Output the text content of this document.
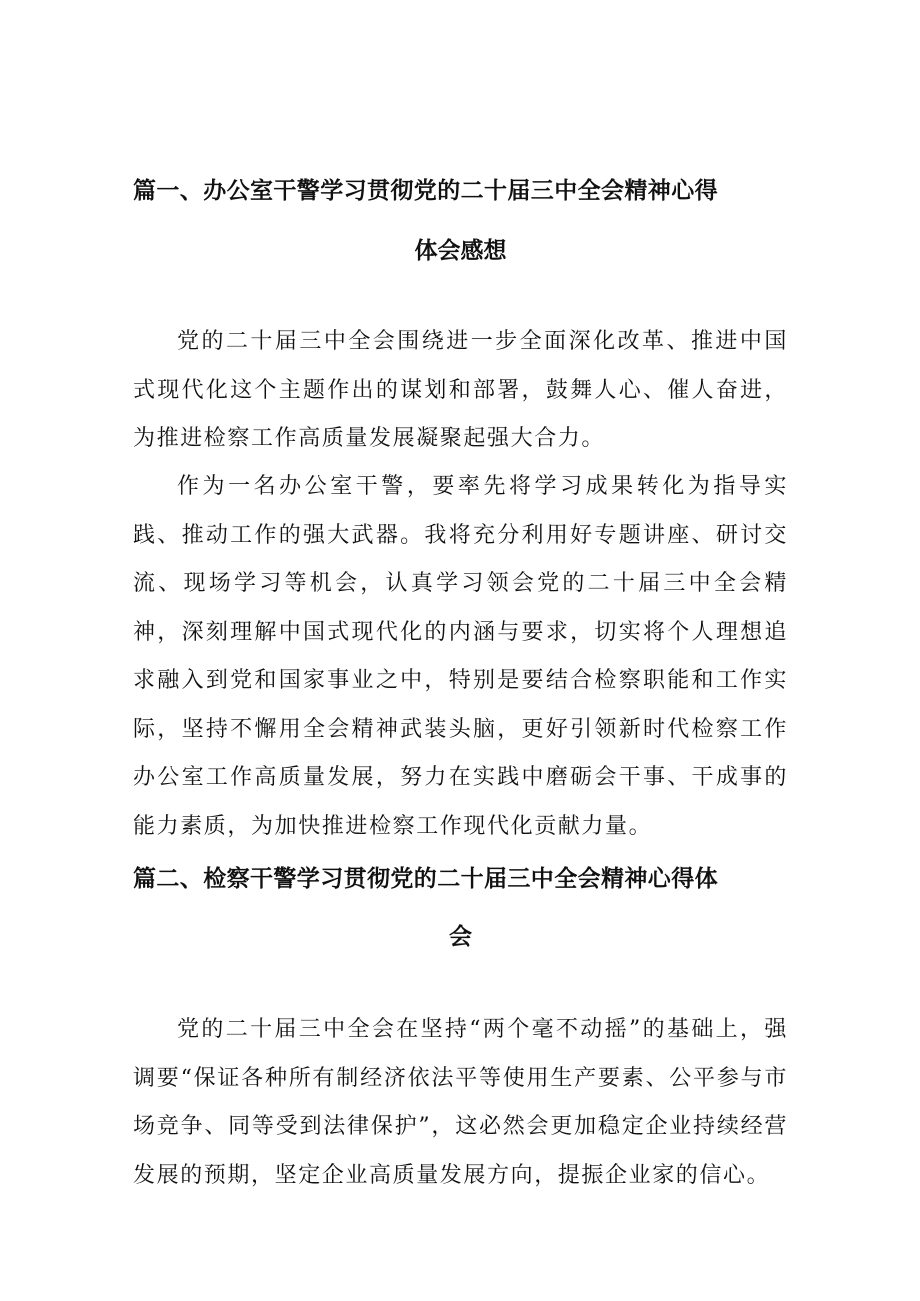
篇一、办公室干警学习贯彻党的二十届三中全会精神心得
体会感想

党的二十届三中全会围绕进一步全面深化改革、推进中国式现代化这个主题作出的谋划和部署，鼓舞人心、催人奋进，为推进检察工作高质量发展凝聚起强大合力。

作为一名办公室干警，要率先将学习成果转化为指导实践、推动工作的强大武器。我将充分利用好专题讲座、研讨交流、现场学习等机会，认真学习领会党的二十届三中全会精神，深刻理解中国式现代化的内涵与要求，切实将个人理想追求融入到党和国家事业之中，特别是要结合检察职能和工作实际，坚持不懈用全会精神武装头脑，更好引领新时代检察工作办公室工作高质量发展，努力在实践中磨砺会干事、干成事的能力素质，为加快推进检察工作现代化贡献力量。

篇二、检察干警学习贯彻党的二十届三中全会精神心得体
会

党的二十届三中全会在坚持“两个毫不动摇”的基础上，强调要“保证各种所有制经济依法平等使用生产要素、公平参与市场竞争、同等受到法律保护”，这必然会更加稳定企业持续经营发展的预期，坚定企业高质量发展方向，提振企业家的信心。
